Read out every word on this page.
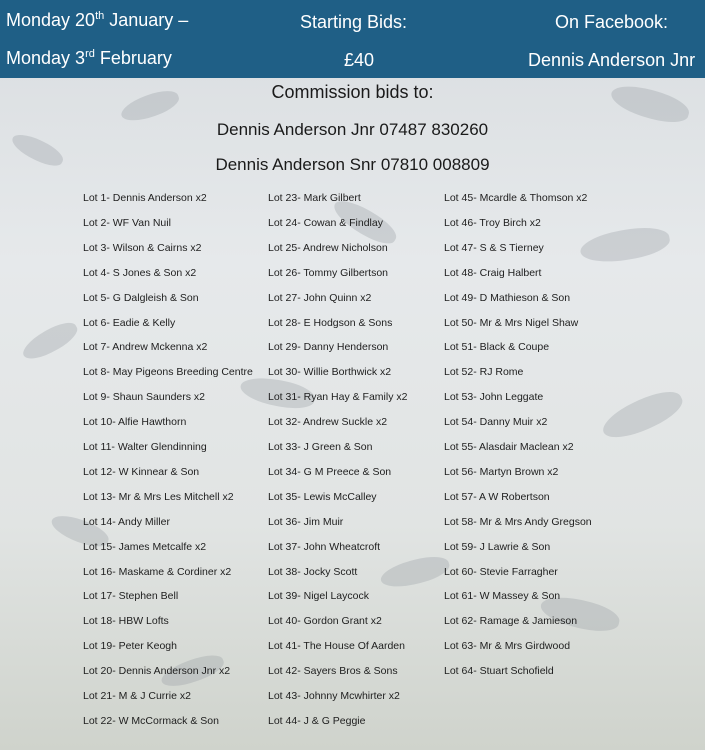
Monday 20th January –
Monday 3rd February
Starting Bids:
£40
On Facebook:
Dennis Anderson Jnr
Commission bids to:
Dennis Anderson Jnr 07487 830260
Dennis Anderson Snr 07810 008809
Lot 1- Dennis Anderson x2
Lot 2- WF Van Nuil
Lot 3- Wilson & Cairns x2
Lot 4- S Jones & Son x2
Lot 5- G Dalgleish & Son
Lot 6- Eadie & Kelly
Lot 7- Andrew Mckenna x2
Lot 8- May Pigeons Breeding Centre
Lot 9- Shaun Saunders x2
Lot 10- Alfie Hawthorn
Lot 11- Walter Glendinning
Lot 12- W Kinnear & Son
Lot 13- Mr & Mrs Les Mitchell x2
Lot 14- Andy Miller
Lot 15- James Metcalfe x2
Lot 16- Maskame & Cordiner x2
Lot 17- Stephen Bell
Lot 18- HBW Lofts
Lot 19- Peter Keogh
Lot 20- Dennis Anderson Jnr x2
Lot 21- M & J Currie x2
Lot 22- W McCormack & Son
Lot 23- Mark Gilbert
Lot 24- Cowan & Findlay
Lot 25- Andrew Nicholson
Lot 26- Tommy Gilbertson
Lot 27- John Quinn x2
Lot 28- E Hodgson & Sons
Lot 29- Danny Henderson
Lot 30- Willie Borthwick x2
Lot 31- Ryan Hay & Family x2
Lot 32- Andrew Suckle x2
Lot 33- J Green & Son
Lot 34- G M Preece & Son
Lot 35- Lewis McCalley
Lot 36- Jim Muir
Lot 37- John Wheatcroft
Lot 38- Jocky Scott
Lot 39- Nigel Laycock
Lot 40- Gordon Grant x2
Lot 41- The House Of Aarden
Lot 42- Sayers Bros & Sons
Lot 43- Johnny Mcwhirter x2
Lot 44- J & G Peggie
Lot 45- Mcardle & Thomson x2
Lot 46- Troy Birch x2
Lot 47- S & S Tierney
Lot 48- Craig Halbert
Lot 49- D Mathieson & Son
Lot 50- Mr & Mrs Nigel Shaw
Lot 51- Black & Coupe
Lot 52- RJ Rome
Lot 53- John Leggate
Lot 54- Danny Muir x2
Lot 55- Alasdair Maclean x2
Lot 56- Martyn Brown x2
Lot 57- A W Robertson
Lot 58- Mr & Mrs Andy Gregson
Lot 59- J Lawrie & Son
Lot 60- Stevie Farragher
Lot 61- W Massey & Son
Lot 62- Ramage & Jamieson
Lot 63- Mr & Mrs Girdwood
Lot 64- Stuart Schofield
